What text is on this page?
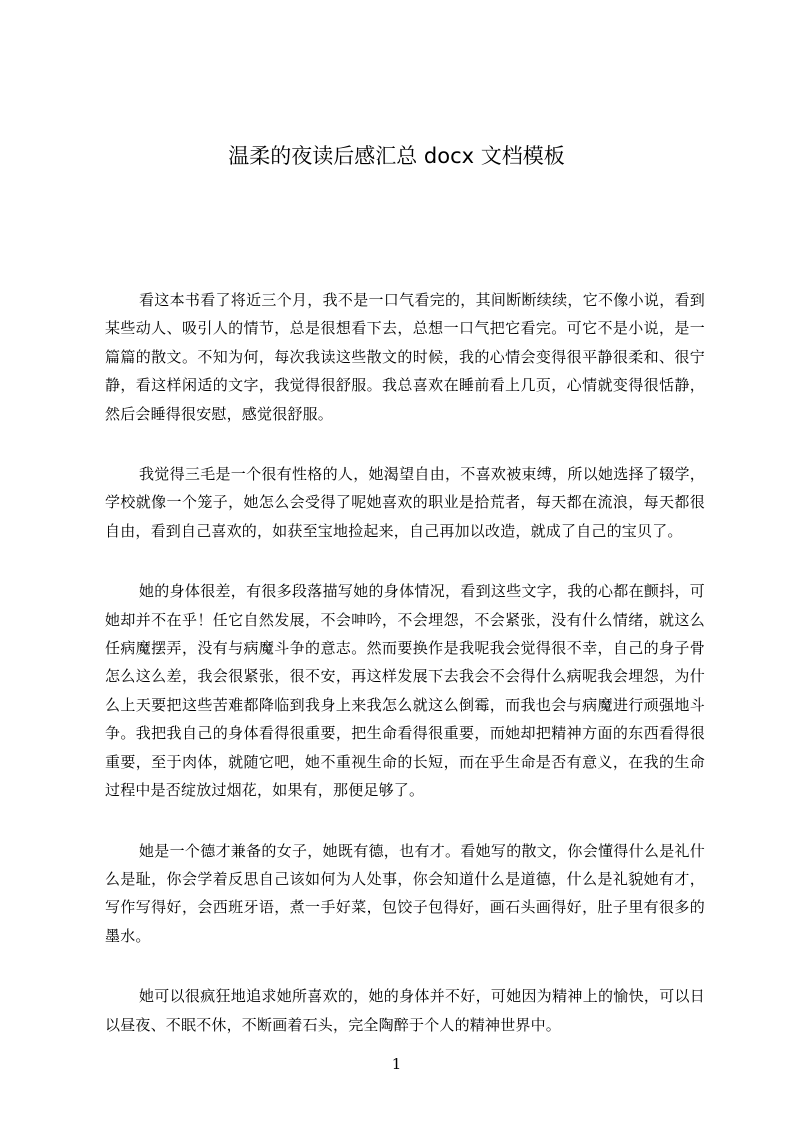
温柔的夜读后感汇总 docx 文档模板

看这本书看了将近三个月，我不是一口气看完的，其间断断续续，它不像小说，看到某些动人、吸引人的情节，总是很想看下去，总想一口气把它看完。可它不是小说，是一篇篇的散文。不知为何，每次我读这些散文的时候，我的心情会变得很平静很柔和、很宁静，看这样闲适的文字，我觉得很舒服。我总喜欢在睡前看上几页，心情就变得很恬静，然后会睡得很安慰，感觉很舒服。

我觉得三毛是一个很有性格的人，她渴望自由，不喜欢被束缚，所以她选择了辍学，学校就像一个笼子，她怎么会受得了呢她喜欢的职业是拾荒者，每天都在流浪，每天都很自由，看到自己喜欢的，如获至宝地捡起来，自己再加以改造，就成了自己的宝贝了。

她的身体很差，有很多段落描写她的身体情况，看到这些文字，我的心都在颤抖，可她却并不在乎！任它自然发展，不会呻吟，不会埋怨，不会紧张，没有什么情绪，就这么任病魔摆弄，没有与病魔斗争的意志。然而要换作是我呢我会觉得很不幸，自己的身子骨怎么这么差，我会很紧张，很不安，再这样发展下去我会不会得什么病呢我会埋怨，为什么上天要把这些苦难都降临到我身上来我怎么就这么倒霉，而我也会与病魔进行顽强地斗争。我把我自己的身体看得很重要，把生命看得很重要，而她却把精神方面的东西看得很重要，至于肉体，就随它吧，她不重视生命的长短，而在乎生命是否有意义，在我的生命过程中是否绽放过烟花，如果有，那便足够了。

她是一个德才兼备的女子，她既有德，也有才。看她写的散文，你会懂得什么是礼什么是耻，你会学着反思自己该如何为人处事，你会知道什么是道德，什么是礼貌她有才，写作写得好，会西班牙语，煮一手好菜，包饺子包得好，画石头画得好，肚子里有很多的墨水。

她可以很疯狂地追求她所喜欢的，她的身体并不好，可她因为精神上的愉快，可以日以昼夜、不眠不休，不断画着石头，完全陶醉于个人的精神世界中。

1
